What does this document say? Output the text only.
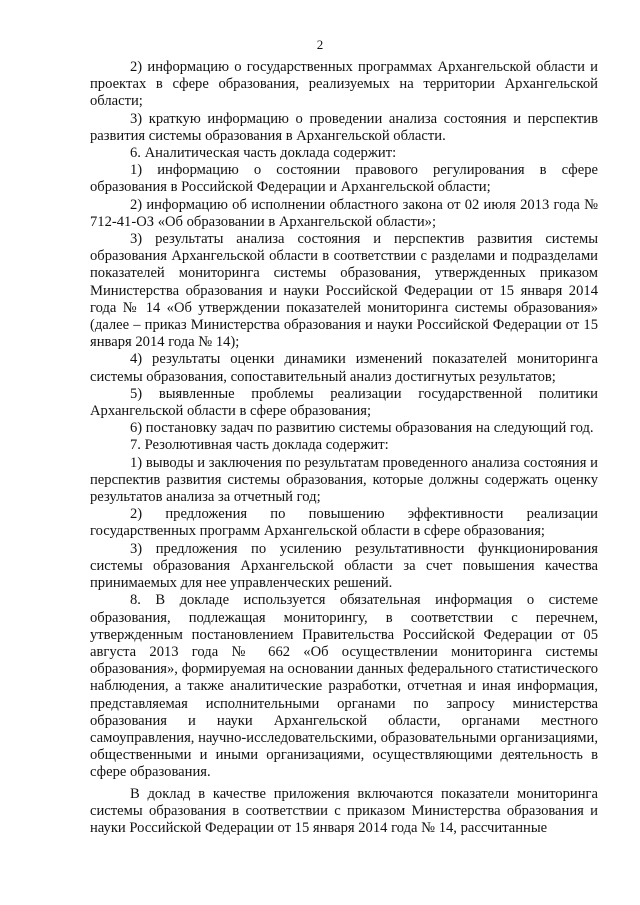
2

2) информацию о государственных программах Архангельской области и проектах в сфере образования, реализуемых на территории Архангельской области;

3) краткую информацию о проведении анализа состояния и перспектив развития системы образования в Архангельской области.

6. Аналитическая часть доклада содержит:

1) информацию о состоянии правового регулирования в сфере образования в Российской Федерации и Архангельской области;

2) информацию об исполнении областного закона от 02 июля 2013 года № 712-41-ОЗ «Об образовании в Архангельской области»;

3) результаты анализа состояния и перспектив развития системы образования Архангельской области в соответствии с разделами и подразделами показателей мониторинга системы образования, утвержденных приказом Министерства образования и науки Российской Федерации от 15 января 2014 года № 14 «Об утверждении показателей мониторинга системы образования» (далее – приказ Министерства образования и науки Российской Федерации от 15 января 2014 года № 14);

4) результаты оценки динамики изменений показателей мониторинга системы образования, сопоставительный анализ достигнутых результатов;

5) выявленные проблемы реализации государственной политики Архангельской области в сфере образования;

6) постановку задач по развитию системы образования на следующий год.

7. Резолютивная часть доклада содержит:

1) выводы и заключения по результатам проведенного анализа состояния и перспектив развития системы образования, которые должны содержать оценку результатов анализа за отчетный год;

2) предложения по повышению эффективности реализации государственных программ Архангельской области в сфере образования;

3) предложения по усилению результативности функционирования системы образования Архангельской области за счет повышения качества принимаемых для нее управленческих решений.

8. В докладе используется обязательная информация о системе образования, подлежащая мониторингу, в соответствии с перечнем, утвержденным постановлением Правительства Российской Федерации от 05 августа 2013 года № 662 «Об осуществлении мониторинга системы образования», формируемая на основании данных федерального статистического наблюдения, а также аналитические разработки, отчетная и иная информация, представляемая исполнительными органами по запросу министерства образования и науки Архангельской области, органами местного самоуправления, научно-исследовательскими, образовательными организациями, общественными и иными организациями, осуществляющими деятельность в сфере образования.

В доклад в качестве приложения включаются показатели мониторинга системы образования в соответствии с приказом Министерства образования и науки Российской Федерации от 15 января 2014 года № 14, рассчитанные
